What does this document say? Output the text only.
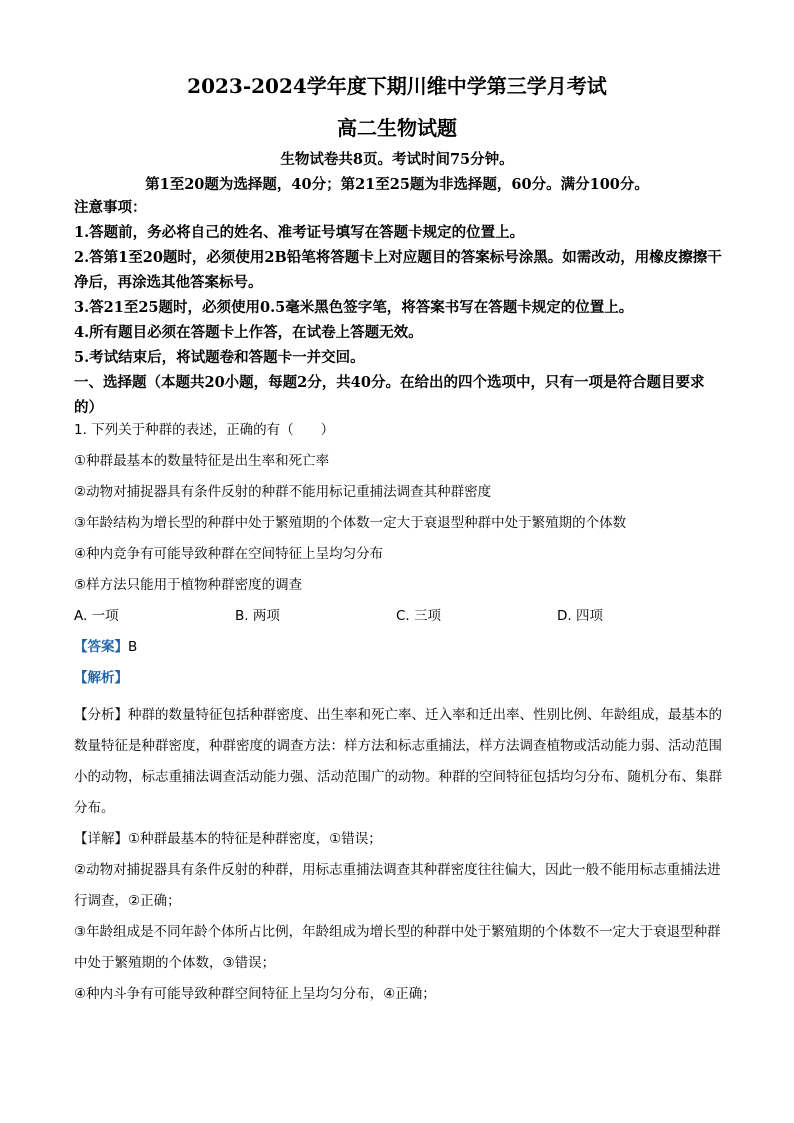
2023-2024学年度下期川维中学第三学月考试
高二生物试题
生物试卷共8页。考试时间75分钟。
第1至20题为选择题，40分；第21至25题为非选择题，60分。满分100分。
注意事项：
1.答题前，务必将自己的姓名、准考证号填写在答题卡规定的位置上。
2.答第1至20题时，必须使用2B铅笔将答题卡上对应题目的答案标号涂黑。如需改动，用橡皮擦擦干净后，再涂选其他答案标号。
3.答21至25题时，必须使用0.5毫米黑色签字笔，将答案书写在答题卡规定的位置上。
4.所有题目必须在答题卡上作答，在试卷上答题无效。
5.考试结束后，将试题卷和答题卡一并交回。
一、选择题（本题共20小题，每题2分，共40分。在给出的四个选项中，只有一项是符合题目要求的）
1. 下列关于种群的表述，正确的有（　　）
①种群最基本的数量特征是出生率和死亡率
②动物对捕捉器具有条件反射的种群不能用标记重捕法调查其种群密度
③年龄结构为增长型的种群中处于繁殖期的个体数一定大于衰退型种群中处于繁殖期的个体数
④种内竞争有可能导致种群在空间特征上呈均匀分布
⑤样方法只能用于植物种群密度的调查
A. 一项	B. 两项	C. 三项	D. 四项
【答案】B
【解析】

【分析】种群的数量特征包括种群密度、出生率和死亡率、迁入率和迁出率、性别比例、年龄组成，最基本的数量特征是种群密度，种群密度的调查方法：样方法和标志重捕法，样方法调查植物或活动能力弱、活动范围小的动物，标志重捕法调查活动能力强、活动范围广的动物。种群的空间特征包括均匀分布、随机分布、集群分布。

【详解】①种群最基本的特征是种群密度，①错误；

②动物对捕捉器具有条件反射的种群，用标志重捕法调查其种群密度往往偏大，因此一般不能用标志重捕法进行调查，②正确；

③年龄组成是不同年龄个体所占比例，年龄组成为增长型的种群中处于繁殖期的个体数不一定大于衰退型种群中处于繁殖期的个体数，③错误；

④种内斗争有可能导致种群空间特征上呈均匀分布，④正确；
